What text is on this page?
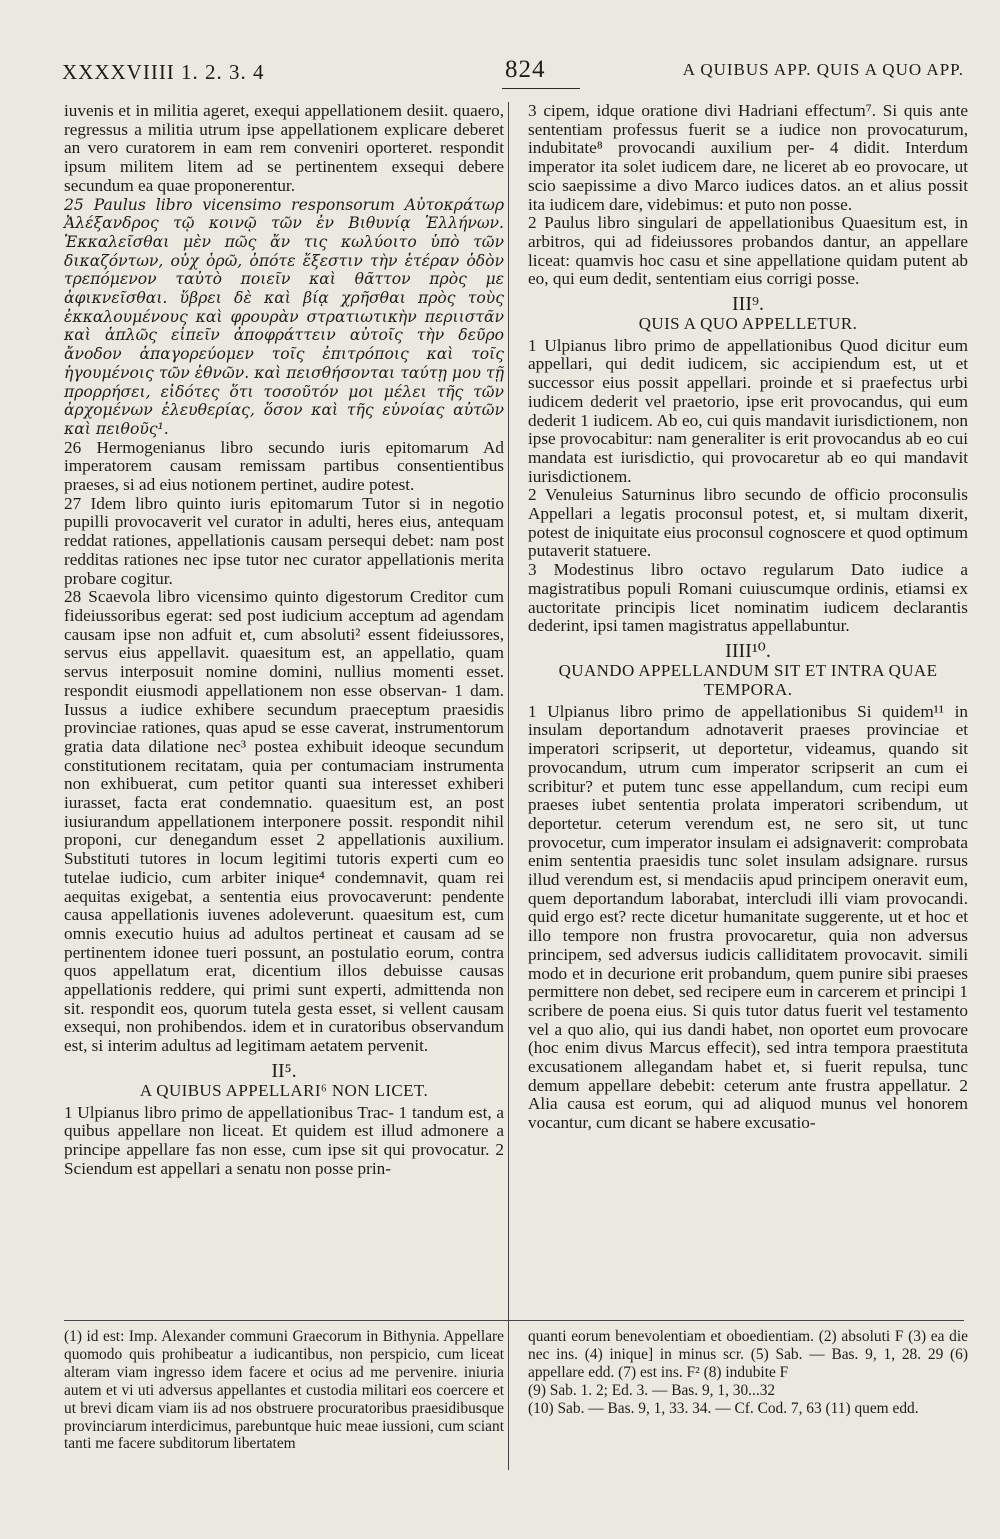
XXXXVIIII 1. 2. 3. 4	824	A QUIBUS APP. QUIS A QUO APP.

iuvenis et in militia ageret, exequi appellationem desiit. quaero, regressus a militia utrum ipse appellationem explicare deberet an vero curatorem in eam rem conveniri oporteret. respondit ipsum militem litem ad se pertinentem exsequi debere secundum ea quae proponerentur.

25 Paulus libro vicensimo responsorum Αὐτοκράτωρ Ἀλέξανδρος τῷ κοινῷ τῶν ἐν Βιθυνίᾳ Ἑλλήνων. Ἐκκαλεῖσθαι μὲν πῶς ἄν τις κωλύοιτο ὑπὸ τῶν δικαζόντων, οὐχ ὁρῶ, ὁπότε ἔξεστιν τὴν ἑτέραν ὁδὸν τρεπόμενον ταὐτὸ ποιεῖν καὶ θᾶττον πρὸς με ἀφικνεῖσθαι. ὕβρει δὲ καὶ βίᾳ χρῆσθαι πρὸς τοὺς ἐκκαλουμένους καὶ φρουρὰν στρατιωτικὴν περιιστᾶν καὶ ἁπλῶς εἰπεῖν ἀποφράττειν αὐτοῖς τὴν δεῦρο ἄνοδον ἀπαγορεύομεν τοῖς ἐπιτρόποις καὶ τοῖς ἡγουμένοις τῶν ἐθνῶν. καὶ πεισθήσονται ταύτῃ μου τῇ προρρήσει, εἰδότες ὅτι τοσοῦτόν μοι μέλει τῆς τῶν ἀρχομένων ἐλευθερίας, ὅσον καὶ τῆς εὐνοίας αὐτῶν καὶ πειθοῦς¹.

26 Hermogenianus libro secundo iuris epitomarum Ad imperatorem causam remissam partibus consentientibus praeses, si ad eius notionem pertinet, audire potest.

27 Idem libro quinto iuris epitomarum Tutor si in negotio pupilli provocaverit vel curator in adulti, heres eius, antequam reddat rationes, appellationis causam persequi debet: nam post redditas rationes nec ipse tutor nec curator appellationis merita probare cogitur.

28 Scaevola libro vicensimo quinto digestorum Creditor cum fideiussoribus egerat: sed post iudicium acceptum ad agendam causam ipse non adfuit et, cum absoluti² essent fideiussores, servus eius appellavit. quaesitum est, an appellatio, quam servus interposuit nomine domini, nullius momenti esset. respondit eiusmodi appellationem non esse observan- 1 dam. Iussus a iudice exhibere secundum praeceptum praesidis provinciae rationes, quas apud se esse caverat, instrumentorum gratia data dilatione nec³ postea exhibuit ideoque secundum constitutionem recitatam, quia per contumaciam instrumenta non exhibuerat, cum petitor quanti sua interesset exhiberi iurasset, facta erat condemnatio. quaesitum est, an post iusiurandum appellationem interponere possit. respondit nihil proponi, cur denegandum esset 2 appellationis auxilium. Substituti tutores in locum legitimi tutoris experti cum eo tutelae iudicio, cum arbiter inique⁴ condemnavit, quam rei aequitas exigebat, a sententia eius provocaverunt: pendente causa appellationis iuvenes adoleverunt. quaesitum est, cum omnis executio huius ad adultos pertineat et causam ad se pertinentem idonee tueri possunt, an postulatio eorum, contra quos appellatum erat, dicentium illos debuisse causas appellationis reddere, qui primi sunt experti, admittenda non sit. respondit eos, quorum tutela gesta esset, si vellent causam exsequi, non prohibendos. idem et in curatoribus observandum est, si interim adultus ad legitimam aetatem pervenit.

II⁵.

A QUIBUS APPELLARI⁶ NON LICET.

1 Ulpianus libro primo de appellationibus Trac- 1 tandum est, a quibus appellare non liceat. Et quidem est illud admonere a principe appellare fas non esse, cum ipse sit qui provocatur. 2 Sciendum est appellari a senatu non posse prin-

3 cipem, idque oratione divi Hadriani effectum⁷. Si quis ante sententiam professus fuerit se a iudice non provocaturum, indubitate⁸ provocandi auxilium per- 4 didit. Interdum imperator ita solet iudicem dare, ne liceret ab eo provocare, ut scio saepissime a divo Marco iudices datos. an et alius possit ita iudicem dare, videbimus: et puto non posse.

2 Paulus libro singulari de appellationibus Quaesitum est, in arbitros, qui ad fideiussores probandos dantur, an appellare liceat: quamvis hoc casu et sine appellatione quidam putent ab eo, qui eum dedit, sententiam eius corrigi posse.

III⁹.

QUIS A QUO APPELLETUR.

1 Ulpianus libro primo de appellationibus Quod dicitur eum appellari, qui dedit iudicem, sic accipiendum est, ut et successor eius possit appellari. proinde et si praefectus urbi iudicem dederit vel praetorio, ipse erit provocandus, qui eum dederit 1 iudicem. Ab eo, cui quis mandavit iurisdictionem, non ipse provocabitur: nam generaliter is erit provocandus ab eo cui mandata est iurisdictio, qui provocaretur ab eo qui mandavit iurisdictionem.

2 Venuleius Saturninus libro secundo de officio proconsulis Appellari a legatis proconsul potest, et, si multam dixerit, potest de iniquitate eius proconsul cognoscere et quod optimum putaverit statuere.

3 Modestinus libro octavo regularum Dato iudice a magistratibus populi Romani cuiuscumque ordinis, etiamsi ex auctoritate principis licet nominatim iudicem declarantis dederint, ipsi tamen magistratus appellabuntur.

IIII¹⁰.

QUANDO APPELLANDUM SIT ET INTRA QUAE TEMPORA.

1 Ulpianus libro primo de appellationibus Si quidem¹¹ in insulam deportandum adnotaverit praeses provinciae et imperatori scripserit, ut deportetur, videamus, quando sit provocandum, utrum cum imperator scripserit an cum ei scribitur? et putem tunc esse appellandum, cum recipi eum praeses iubet sententia prolata imperatori scribendum, ut deportetur. ceterum verendum est, ne sero sit, ut tunc provocetur, cum imperator insulam ei adsignaverit: comprobata enim sententia praesidis tunc solet insulam adsignare. rursus illud verendum est, si mendaciis apud principem oneravit eum, quem deportandum laborabat, intercludi illi viam provocandi. quid ergo est? recte dicetur humanitate suggerente, ut et hoc et illo tempore non frustra provocaretur, quia non adversus principem, sed adversus iudicis calliditatem provocavit. simili modo et in decurione erit probandum, quem punire sibi praeses permittere non debet, sed recipere eum in carcerem et principi 1 scribere de poena eius. Si quis tutor datus fuerit vel testamento vel a quo alio, qui ius dandi habet, non oportet eum provocare (hoc enim divus Marcus effecit), sed intra tempora praestituta excusationem allegandam habet et, si fuerit repulsa, tunc demum appellare debebit: ceterum ante frustra appellatur. 2 Alia causa est eorum, qui ad aliquod munus vel honorem vocantur, cum dicant se habere excusatio-

(1) id est: Imp. Alexander communi Graecorum in Bithynia. Appellare quomodo quis prohibeatur a iudicantibus, non perspicio, cum liceat alteram viam ingresso idem facere et ocius ad me pervenire. iniuria autem et vi uti adversus appellantes et custodia militari eos coercere et ut brevi dicam viam iis ad nos obstruere procuratoribus praesidibusque provinciarum interdicimus, parebuntque huic meae iussioni, cum sciant tanti me facere subditorum libertatem

quanti eorum benevolentiam et oboedientiam. (2) absoluti F (3) ea die nec ins. (4) inique] in minus scr. (5) Sab. — Bas. 9, 1, 28. 29 (6) appellare edd. (7) est ins. F² (8) indubite F

(9) Sab. 1. 2; Ed. 3. — Bas. 9, 1, 30...32

(10) Sab. — Bas. 9, 1, 33. 34. — Cf. Cod. 7, 63 (11) quem edd.
